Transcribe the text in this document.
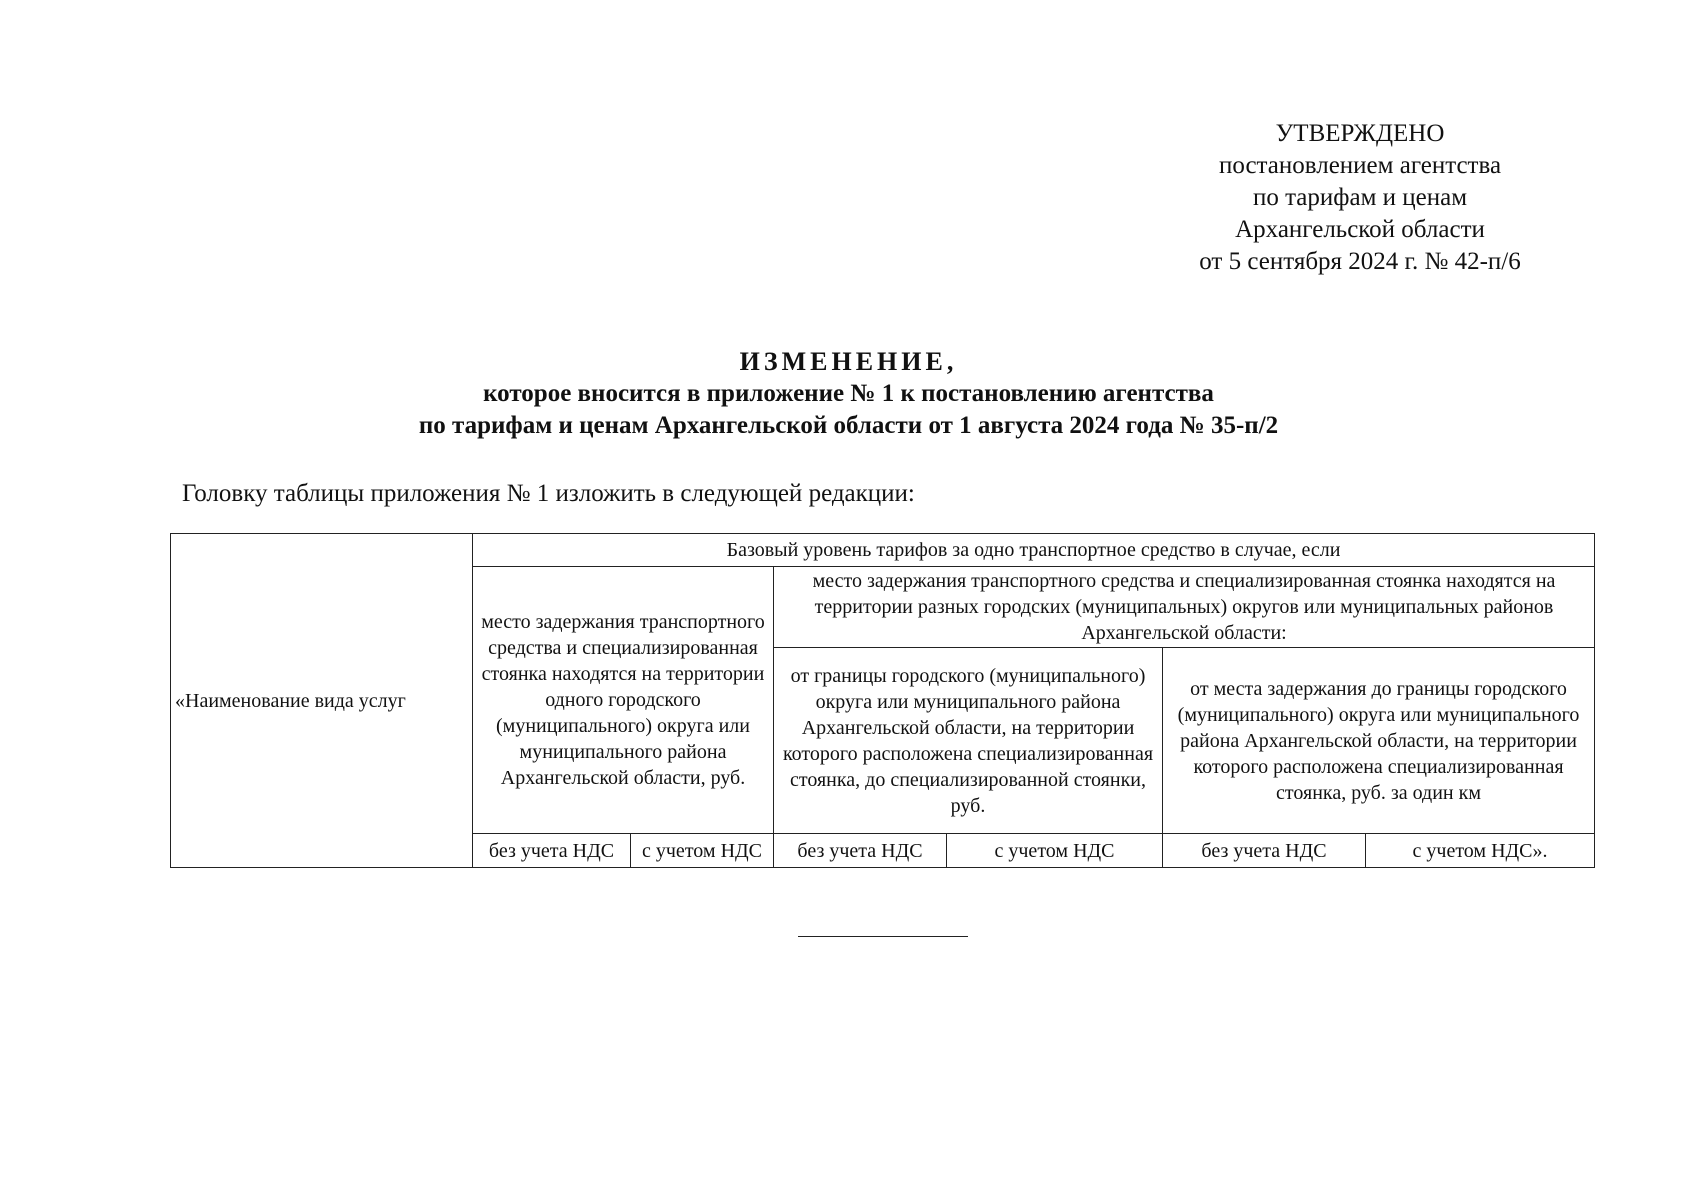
УТВЕРЖДЕНО
постановлением агентства
по тарифам и ценам
Архангельской области
от 5 сентября 2024 г. № 42-п/6
ИЗМЕНЕНИЕ,
которое вносится в приложение № 1 к постановлению агентства
по тарифам и ценам Архангельской области от 1 августа 2024 года № 35-п/2
Головку таблицы приложения № 1 изложить в следующей редакции:
«Наименование вида услуг	Базовый уровень тарифов за одно транспортное средство в случае, если					
	место задержания транспортного средства и специализированная стоянка находятся на территории одного городского (муниципального) округа или муниципального района Архангельской области, руб.		место задержания транспортного средства и специализированная стоянка находятся на территории разных городских (муниципальных) округов или муниципальных районов Архангельской области:			
			от границы городского (муниципального) округа или муниципального района Архангельской области, на территории которого расположена специализированная стоянка, до специализированной стоянки, руб.		от места задержания до границы городского (муниципального) округа или муниципального района Архангельской области, на территории которого расположена специализированная стоянка, руб. за один км	
	без учета НДС	с учетом НДС	без учета НДС	с учетом НДС	без учета НДС	с учетом НДС».
